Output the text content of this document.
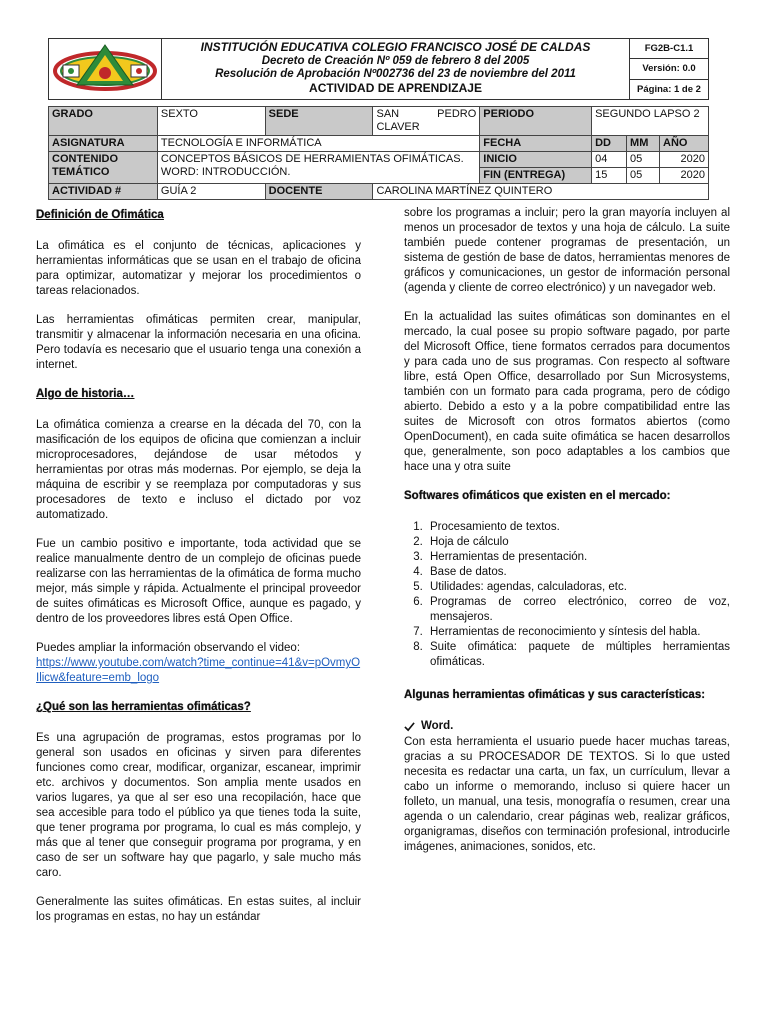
INSTITUCIÓN EDUCATIVA COLEGIO FRANCISCO JOSÉ DE CALDAS
Decreto de Creación Nº 059 de febrero 8 del 2005
Resolución de Aprobación Nº002736 del 23 de noviembre del 2011
ACTIVIDAD DE APRENDIZAJE
FG2B-C1.1
Versión: 0.0
Página: 1 de 2
GRADO	SEXTO	SEDE	SAN PEDRO CLAVER	PERIODO	SEGUNDO LAPSO 2		
ASIGNATURA	TECNOLOGÍA E INFORMÁTICA			FECHA	DD	MM	AÑO
CONTENIDO TEMÁTICO	CONCEPTOS BÁSICOS DE HERRAMIENTAS OFIMÁTICAS. WORD: INTRODUCCIÓN.			INICIO	04	05	2020
				FIN (ENTREGA)	15	05	2020
ACTIVIDAD #	GUÍA 2	DOCENTE	CAROLINA MARTÍNEZ QUINTERO				
Definición de Ofimática

La ofimática es el conjunto de técnicas, aplicaciones y herramientas informáticas que se usan en el trabajo de oficina para optimizar, automatizar y mejorar los procedimientos o tareas relacionados.

Las herramientas ofimáticas permiten crear, manipular, transmitir y almacenar la información necesaria en una oficina. Pero todavía es necesario que el usuario tenga una conexión a internet.

Algo de historia…

La ofimática comienza a crearse en la década del 70, con la masificación de los equipos de oficina que comienzan a incluir microprocesadores, dejándose de usar métodos y herramientas por otras más modernas. Por ejemplo, se deja la máquina de escribir y se reemplaza por computadoras y sus procesadores de texto e incluso el dictado por voz automatizado.

Fue un cambio positivo e importante, toda actividad que se realice manualmente dentro de un complejo de oficinas puede realizarse con las herramientas de la ofimática de forma mucho mejor, más simple y rápida. Actualmente el principal proveedor de suites ofimáticas es Microsoft Office, aunque es pagado, y dentro de los proveedores libres está Open Office.

Puedes ampliar la información observando el video:
https://www.youtube.com/watch?time_continue=41&v=pOvmyOIlicw&feature=emb_logo

¿Qué son las herramientas ofimáticas?

Es una agrupación de programas, estos programas por lo general son usados en oficinas y sirven para diferentes funciones como crear, modificar, organizar, escanear, imprimir etc. archivos y documentos. Son amplia mente usados en varios lugares, ya que al ser eso una recopilación, hace que sea accesible para todo el público ya que tienes toda la suite, que tener programa por programa, lo cual es más complejo, y más que al tener que conseguir programa por programa, y en caso de ser un software hay que pagarlo, y sale mucho más caro.

Generalmente las suites ofimáticas. En estas suites, al incluir los programas en estas, no hay un estándar

sobre los programas a incluir; pero la gran mayoría incluyen al menos un procesador de textos y una hoja de cálculo. La suite también puede contener programas de presentación, un sistema de gestión de base de datos, herramientas menores de gráficos y comunicaciones, un gestor de información personal (agenda y cliente de correo electrónico) y un navegador web.

En la actualidad las suites ofimáticas son dominantes en el mercado, la cual posee su propio software pagado, por parte del Microsoft Office, tiene formatos cerrados para documentos y para cada uno de sus programas. Con respecto al software libre, está Open Office, desarrollado por Sun Microsystems, también con un formato para cada programa, pero de código abierto. Debido a esto y a la pobre compatibilidad entre las suites de Microsoft con otros formatos abiertos (como OpenDocument), en cada suite ofimática se hacen desarrollos que, generalmente, son poco adaptables a los cambios que hace una y otra suite

Softwares ofimáticos que existen en el mercado:
1. Procesamiento de textos.
2. Hoja de cálculo
3. Herramientas de presentación.
4. Base de datos.
5. Utilidades: agendas, calculadoras, etc.
6. Programas de correo electrónico, correo de voz, mensajeros.
7. Herramientas de reconocimiento y síntesis del habla.
8. Suite ofimática: paquete de múltiples herramientas ofimáticas.
Algunas herramientas ofimáticas y sus características:
Word.

Con esta herramienta el usuario puede hacer muchas tareas, gracias a su PROCESADOR DE TEXTOS. Si lo que usted necesita es redactar una carta, un fax, un currículum, llevar a cabo un informe o memorando, incluso si quiere hacer un folleto, un manual, una tesis, monografía o resumen, crear una agenda o un calendario, crear páginas web, realizar gráficos, organigramas, diseños con terminación profesional, introducirle imágenes, animaciones, sonidos, etc.
